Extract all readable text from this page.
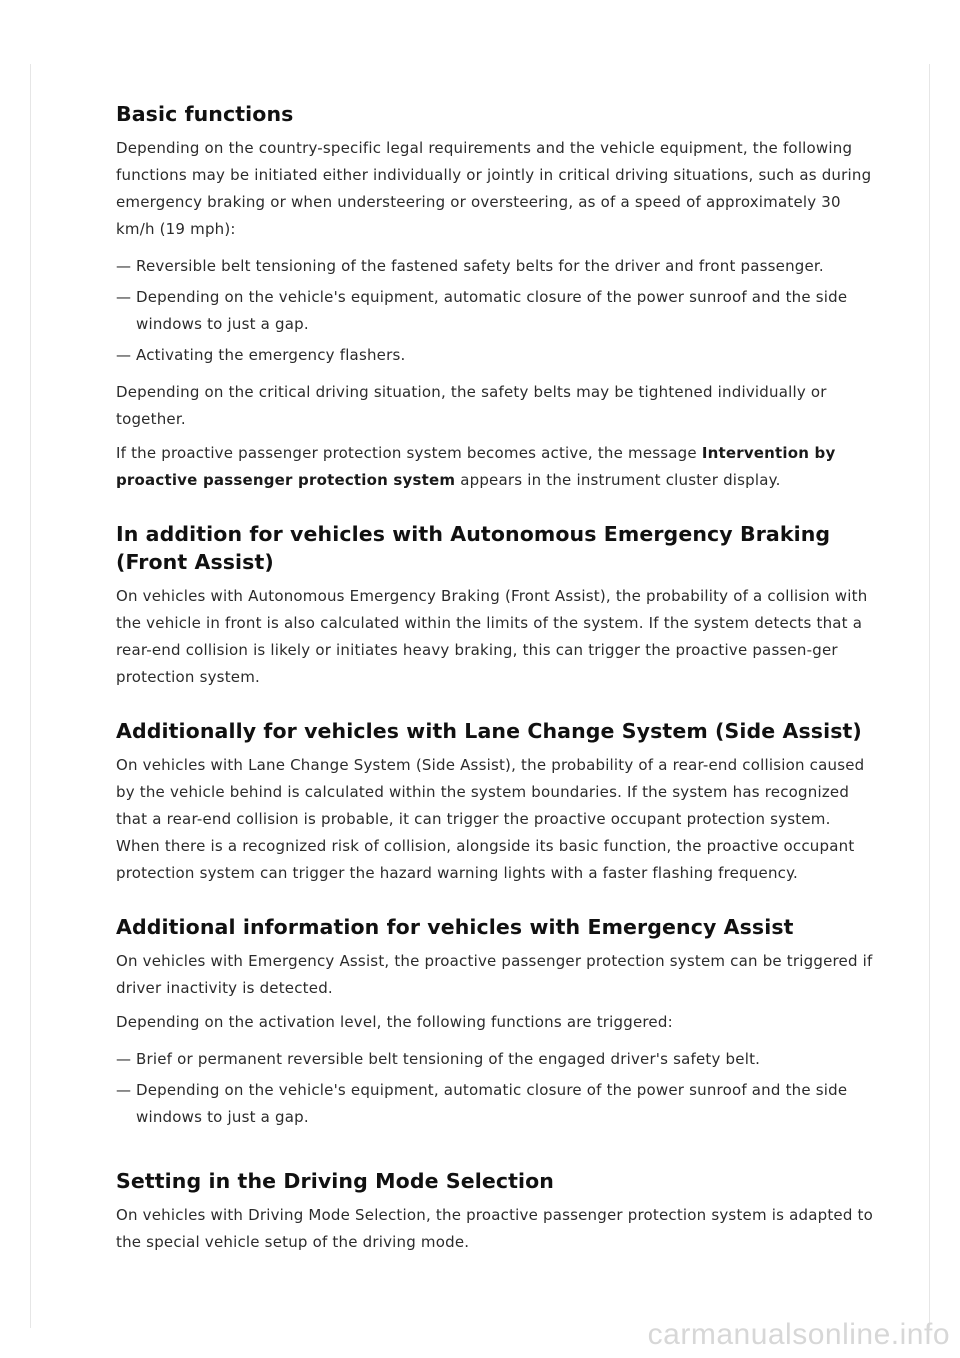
Basic functions

Depending on the country-specific legal requirements and the vehicle equipment, the following functions may be initiated either individually or jointly in critical driving situations, such as during emergency braking or when understeering or oversteering, as of a speed of approximately 30 km/h (19 mph):

— Reversible belt tensioning of the fastened safety belts for the driver and front passenger.
— Depending on the vehicle's equipment, automatic closure of the power sunroof and the side windows to just a gap.
— Activating the emergency flashers.

Depending on the critical driving situation, the safety belts may be tightened individually or together.

If the proactive passenger protection system becomes active, the message Intervention by proactive passenger protection system appears in the instrument cluster display.

In addition for vehicles with Autonomous Emergency Braking (Front Assist)

On vehicles with Autonomous Emergency Braking (Front Assist), the probability of a collision with the vehicle in front is also calculated within the limits of the system. If the system detects that a rear-end collision is likely or initiates heavy braking, this can trigger the proactive passen-ger protection system.

Additionally for vehicles with Lane Change System (Side Assist)

On vehicles with Lane Change System (Side Assist), the probability of a rear-end collision caused by the vehicle behind is calculated within the system boundaries. If the system has recognized that a rear-end collision is probable, it can trigger the proactive occupant protection system. When there is a recognized risk of collision, alongside its basic function, the proactive occupant protection system can trigger the hazard warning lights with a faster flashing frequency.

Additional information for vehicles with Emergency Assist

On vehicles with Emergency Assist, the proactive passenger protection system can be triggered if driver inactivity is detected.

Depending on the activation level, the following functions are triggered:

— Brief or permanent reversible belt tensioning of the engaged driver's safety belt.
— Depending on the vehicle's equipment, automatic closure of the power sunroof and the side windows to just a gap.
Setting in the Driving Mode Selection

On vehicles with Driving Mode Selection, the proactive passenger protection system is adapted to the special vehicle setup of the driving mode.

carmanualsonline.info
